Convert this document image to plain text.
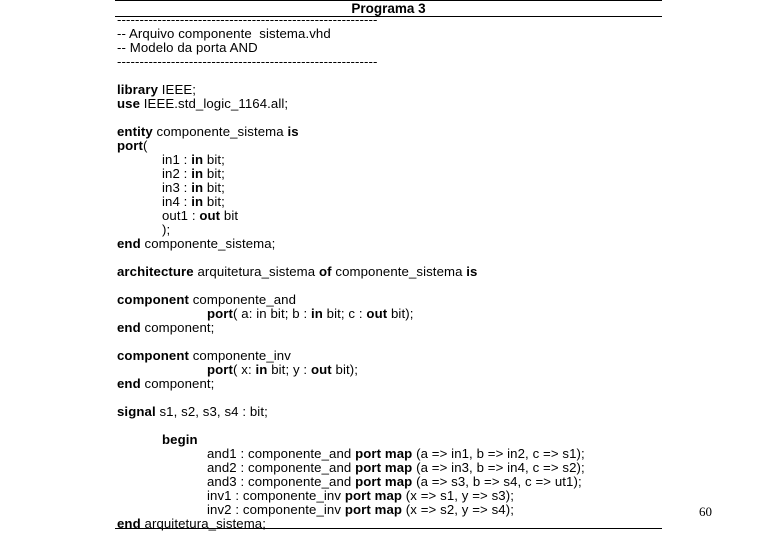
Programa 3
----------------------------------------------------------
-- Arquivo componente  sistema.vhd
-- Modelo da porta AND
----------------------------------------------------------
library IEEE;
use IEEE.std_logic_1164.all;
entity componente_sistema is
port(
in1 : in bit;
in2 : in bit;
in3 : in bit;
in4 : in bit;
out1 : out bit
);
end componente_sistema;
architecture arquitetura_sistema of componente_sistema is
component componente_and
port( a: in bit; b : in bit; c : out bit);
end component;
component componente_inv
port( x: in bit; y : out bit);
end component;
signal s1, s2, s3, s4 : bit;
begin
and1 : componente_and port map (a => in1, b => in2, c => s1);
and2 : componente_and port map (a => in3, b => in4, c => s2);
and3 : componente_and port map (a => s3, b => s4, c => ut1);
inv1 : componente_inv port map (x => s1, y => s3);
inv2 : componente_inv port map (x => s2, y => s4);
end arquitetura_sistema;
60
